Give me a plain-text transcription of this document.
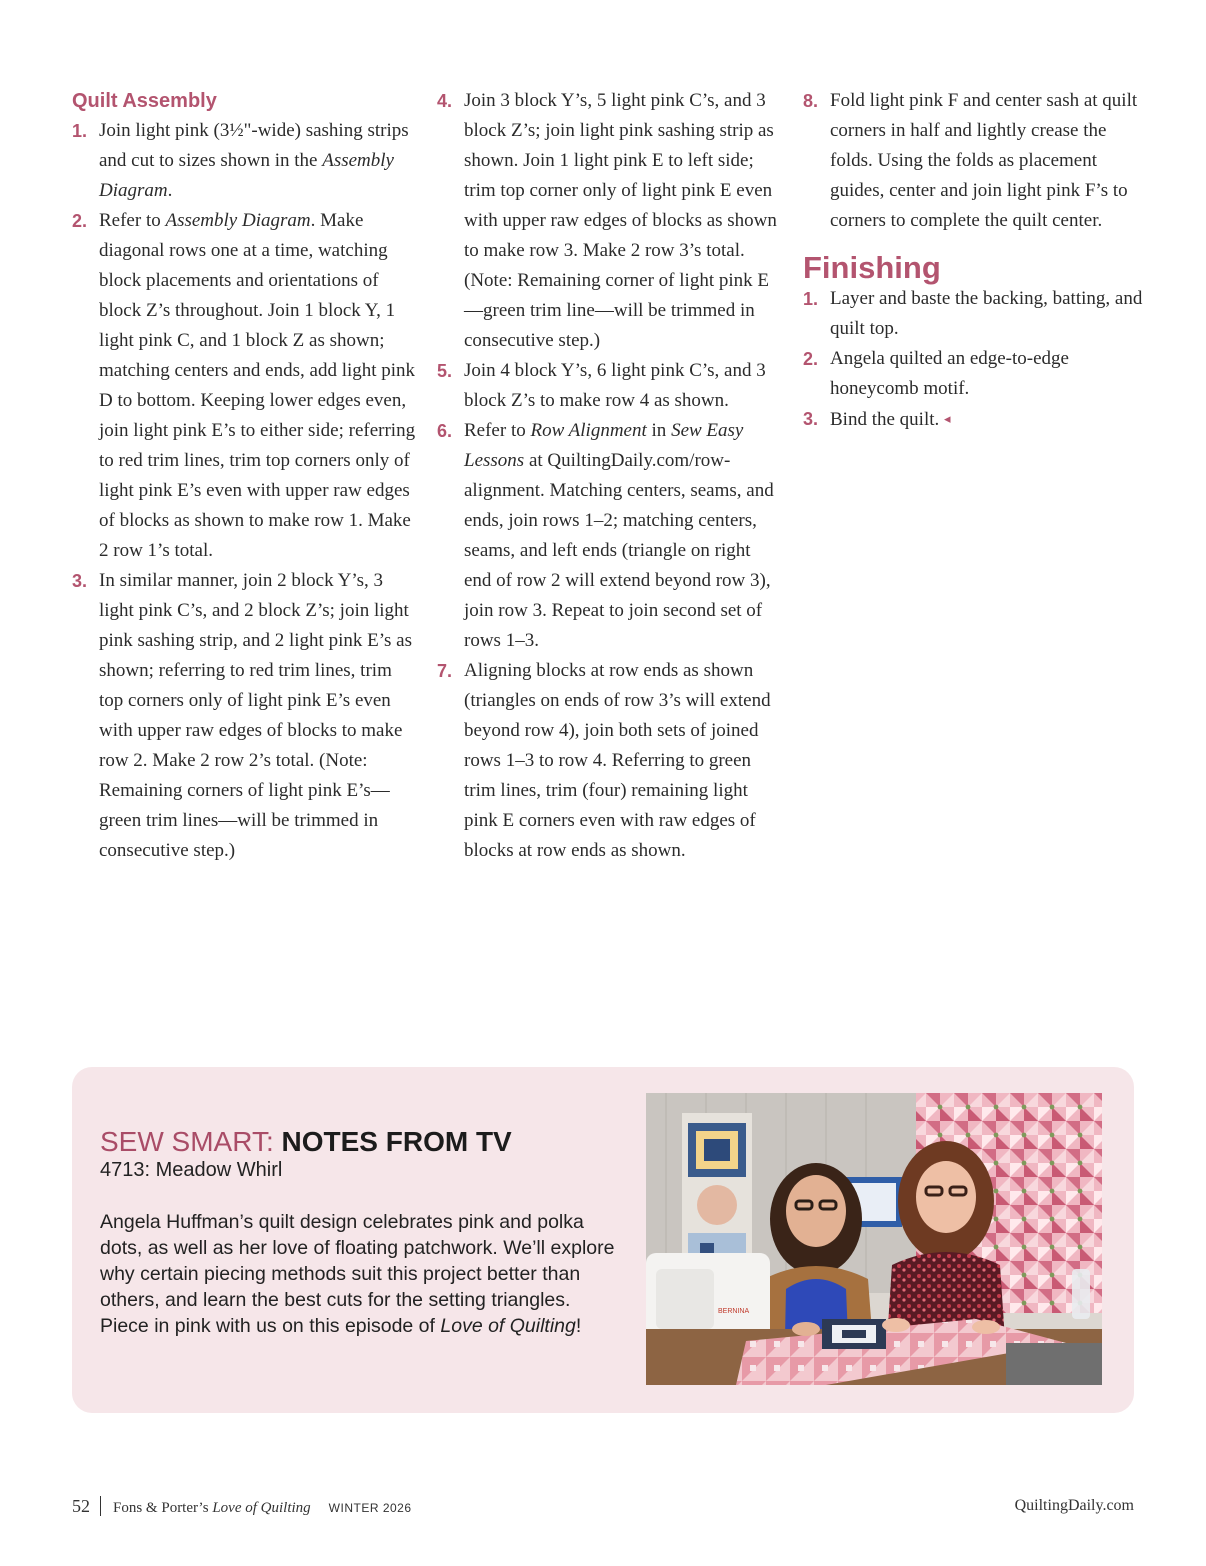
Quilt Assembly
1. Join light pink (3½"-wide) sashing strips and cut to sizes shown in the Assembly Diagram.
2. Refer to Assembly Diagram. Make diagonal rows one at a time, watching block placements and orientations of block Z’s throughout. Join 1 block Y, 1 light pink C, and 1 block Z as shown; matching centers and ends, add light pink D to bottom. Keeping lower edges even, join light pink E’s to either side; referring to red trim lines, trim top corners only of light pink E’s even with upper raw edges of blocks as shown to make row 1. Make 2 row 1’s total.
3. In similar manner, join 2 block Y’s, 3 light pink C’s, and 2 block Z’s; join light pink sashing strip, and 2 light pink E’s as shown; referring to red trim lines, trim top corners only of light pink E’s even with upper raw edges of blocks to make row 2. Make 2 row 2’s total. (Note: Remaining corners of light pink E’s—green trim lines—will be trimmed in consecutive step.)
4. Join 3 block Y’s, 5 light pink C’s, and 3 block Z’s; join light pink sashing strip as shown. Join 1 light pink E to left side; trim top corner only of light pink E even with upper raw edges of blocks as shown to make row 3. Make 2 row 3’s total. (Note: Remaining corner of light pink E—green trim line—will be trimmed in consecutive step.)
5. Join 4 block Y’s, 6 light pink C’s, and 3 block Z’s to make row 4 as shown.
6. Refer to Row Alignment in Sew Easy Lessons at QuiltingDaily.com/row-alignment. Matching centers, seams, and ends, join rows 1–2; matching centers, seams, and left ends (triangle on right end of row 2 will extend beyond row 3), join row 3. Repeat to join second set of rows 1–3.
7. Aligning blocks at row ends as shown (triangles on ends of row 3’s will extend beyond row 4), join both sets of joined rows 1–3 to row 4. Referring to green trim lines, trim (four) remaining light pink E corners even with raw edges of blocks at row ends as shown.
8. Fold light pink F and center sash at quilt corners in half and lightly crease the folds. Using the folds as placement guides, center and join light pink F’s to corners to complete the quilt center.
Finishing
1. Layer and baste the backing, batting, and quilt top.
2. Angela quilted an edge-to-edge honeycomb motif.
3. Bind the quilt. ◂
SEW SMART: NOTES FROM TV
4713: Meadow Whirl

Angela Huffman’s quilt design celebrates pink and polka dots, as well as her love of floating patchwork. We’ll explore why certain piecing methods suit this project better than others, and learn the best cuts for the setting triangles. Piece in pink with us on this episode of Love of Quilting!

BERNINA
52 Fons & Porter’s Love of Quilting WINTER 2026	QuiltingDaily.com
